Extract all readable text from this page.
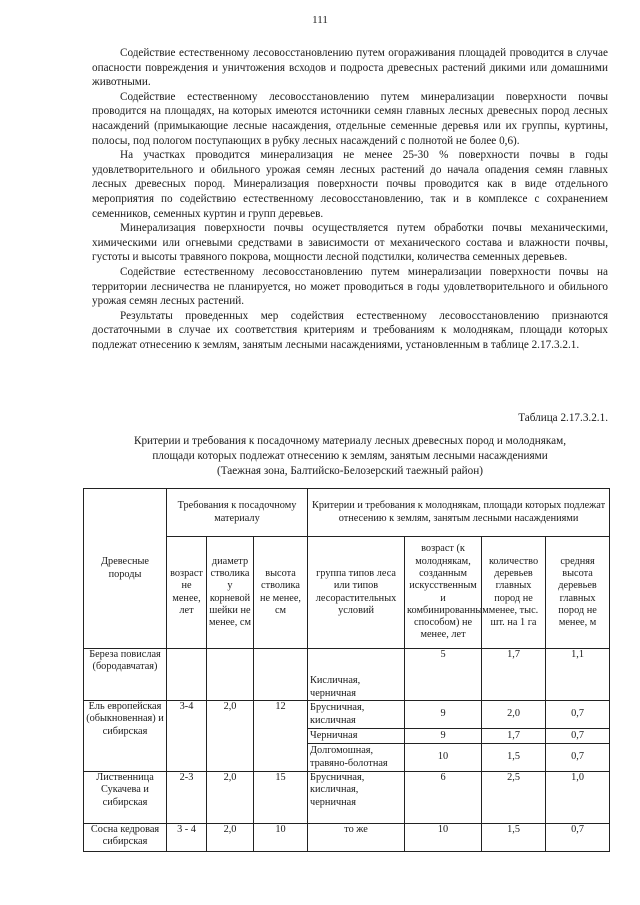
111

Содействие естественному лесовосстановлению путем огораживания площадей проводится в случае опасности повреждения и уничтожения всходов и подроста древесных растений дикими или домашними животными.

Содействие естественному лесовосстановлению путем минерализации поверхности почвы проводится на площадях, на которых имеются источники семян главных лесных древесных пород лесных насаждений (примыкающие лесные насаждения, отдельные семенные деревья или их группы, куртины, полосы, под пологом поступающих в рубку лесных насаждений с полнотой не более 0,6).

На участках проводится минерализация не менее 25-30 % поверхности почвы в годы удовлетворительного и обильного урожая семян лесных растений до начала опадения семян главных лесных древесных пород. Минерализация поверхности почвы проводится как в виде отдельного мероприятия по содействию естественному лесовосстановлению, так и в комплексе с сохранением семенников, семенных куртин и групп деревьев.

Минерализация поверхности почвы осуществляется путем обработки почвы механическими, химическими или огневыми средствами в зависимости от механического состава и влажности почвы, густоты и высоты травяного покрова, мощности лесной подстилки, количества семенных деревьев.

Содействие естественному лесовосстановлению путем минерализации поверхности почвы на территории лесничества не планируется, но может проводиться в годы удовлетворительного и обильного урожая семян лесных растений.

Результаты проведенных мер содействия естественному лесовосстановлению признаются достаточными в случае их соответствия критериям и требованиям к молоднякам, площади которых подлежат отнесению к землям, занятым лесными насаждениями, установленным в таблице 2.17.3.2.1.

Таблица 2.17.3.2.1.
Критерии и требования к посадочному материалу лесных древесных пород и молоднякам,
площади которых подлежат отнесению к землям, занятым лесными насаждениями
(Таежная зона, Балтийско-Белозерский таежный район)
Древесные породы	Требования к посадочному материалу			Критерии и требования к молоднякам, площади которых подлежат отнесению к землям, занятым лесными насаждениями			
	возраст не менее, лет	диаметр стволика у корневой шейки не менее, см	высота стволика не менее, см	группа типов леса или типов лесорастительных условий	возраст (к молоднякам, созданным искусственным и комбинированным способом) не менее, лет	количество деревьев главных пород не менее, тыс. шт. на 1 га	средняя высота деревьев главных пород не менее, м
Береза повислая (бородавчатая)				Кисличная, черничная	5	1,7	1,1
Ель европейская (обыкновенная) и сибирская	3-4	2,0	12	Брусничная, кисличная	9	2,0	0,7
				Черничная	9	1,7	0,7
				Долгомошная, травяно-болотная	10	1,5	0,7
Лиственница Сукачева и сибирская	2-3	2,0	15	Брусничная, кисличная, черничная	6	2,5	1,0
Сосна кедровая сибирская	3 - 4	2,0	10	то же	10	1,5	0,7
